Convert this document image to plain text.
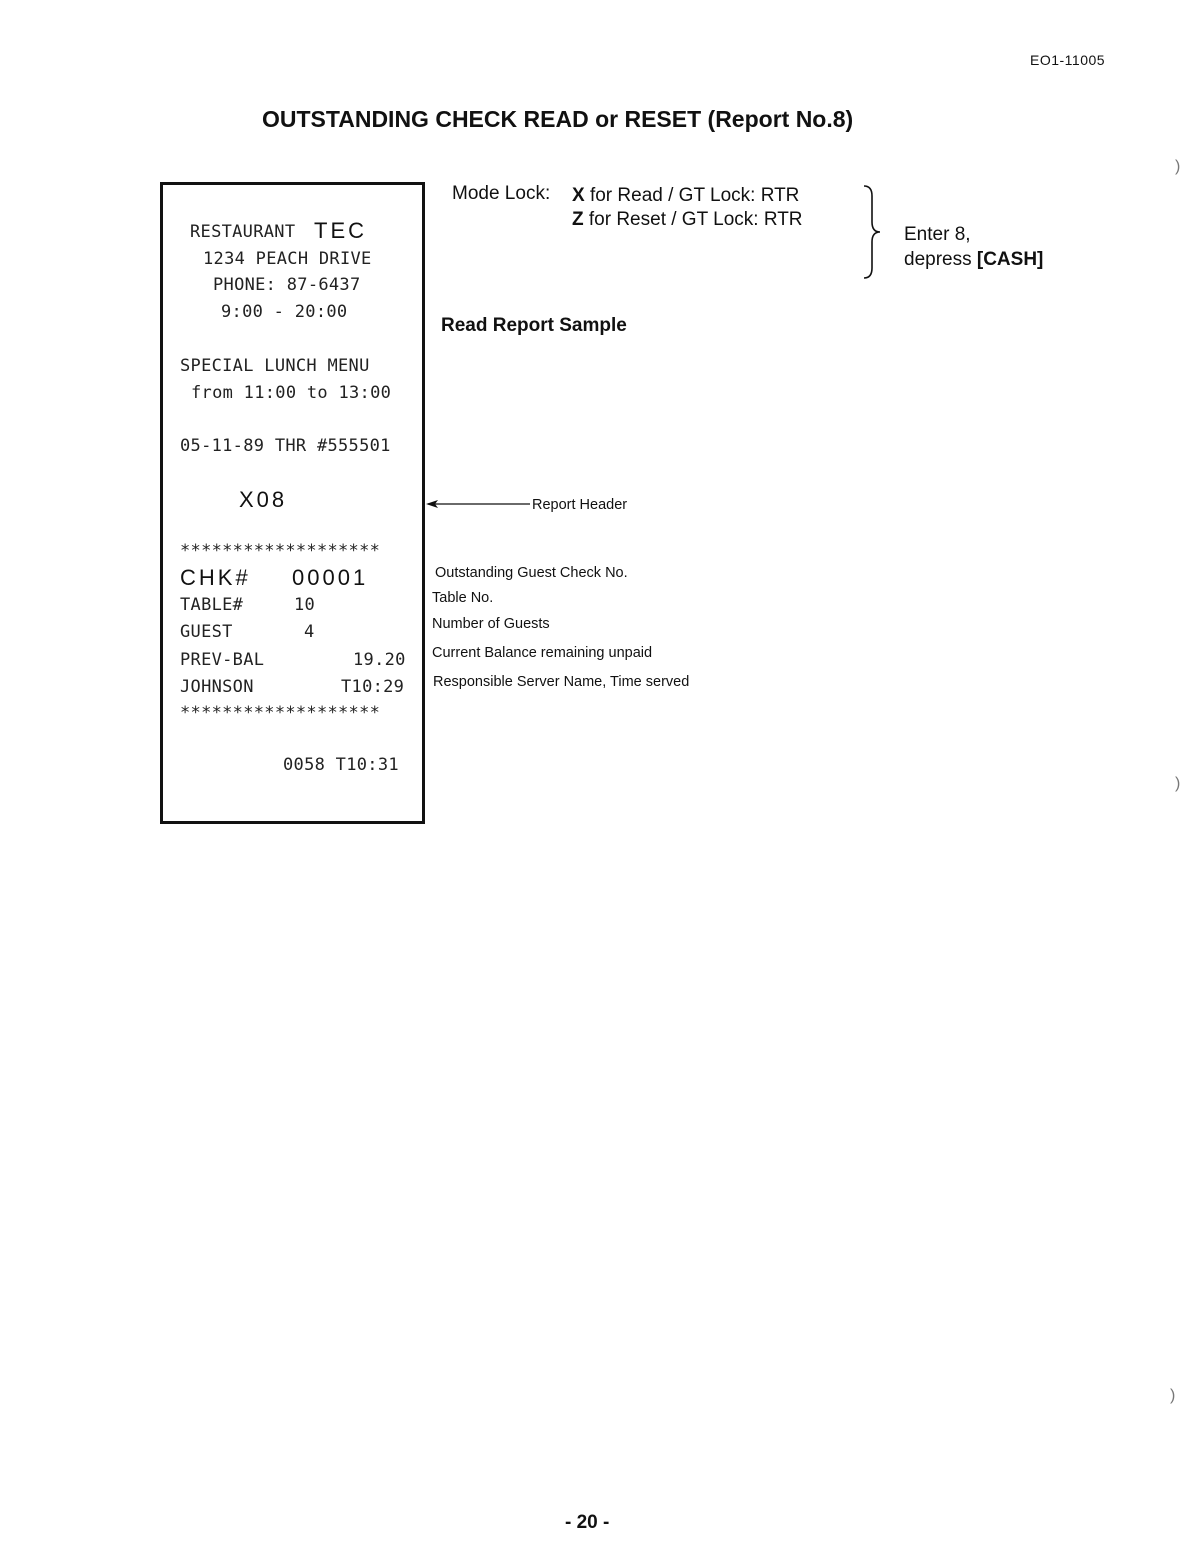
EO1-11005
OUTSTANDING CHECK READ or RESET (Report No.8)
Mode Lock: X for Read / GT Lock: RTR
Z for Reset / GT Lock: RTR
Enter 8,
depress [CASH]
Read Report Sample
RESTAURANT TEC
1234 PEACH DRIVE
PHONE: 87-6437
9:00 - 20:00
SPECIAL LUNCH MENU
from 11:00 to 13:00
05-11-89 THR #555501
X08
*******************
CHK# 00001
TABLE#	10
GUEST	4
PREV-BAL	19.20
JOHNSON	T10:29
*******************
0058 T10:31
Report Header
Outstanding Guest Check No.
Table No.
Number of Guests
Current Balance remaining unpaid
Responsible Server Name, Time served
)
)
)
- 20 -
